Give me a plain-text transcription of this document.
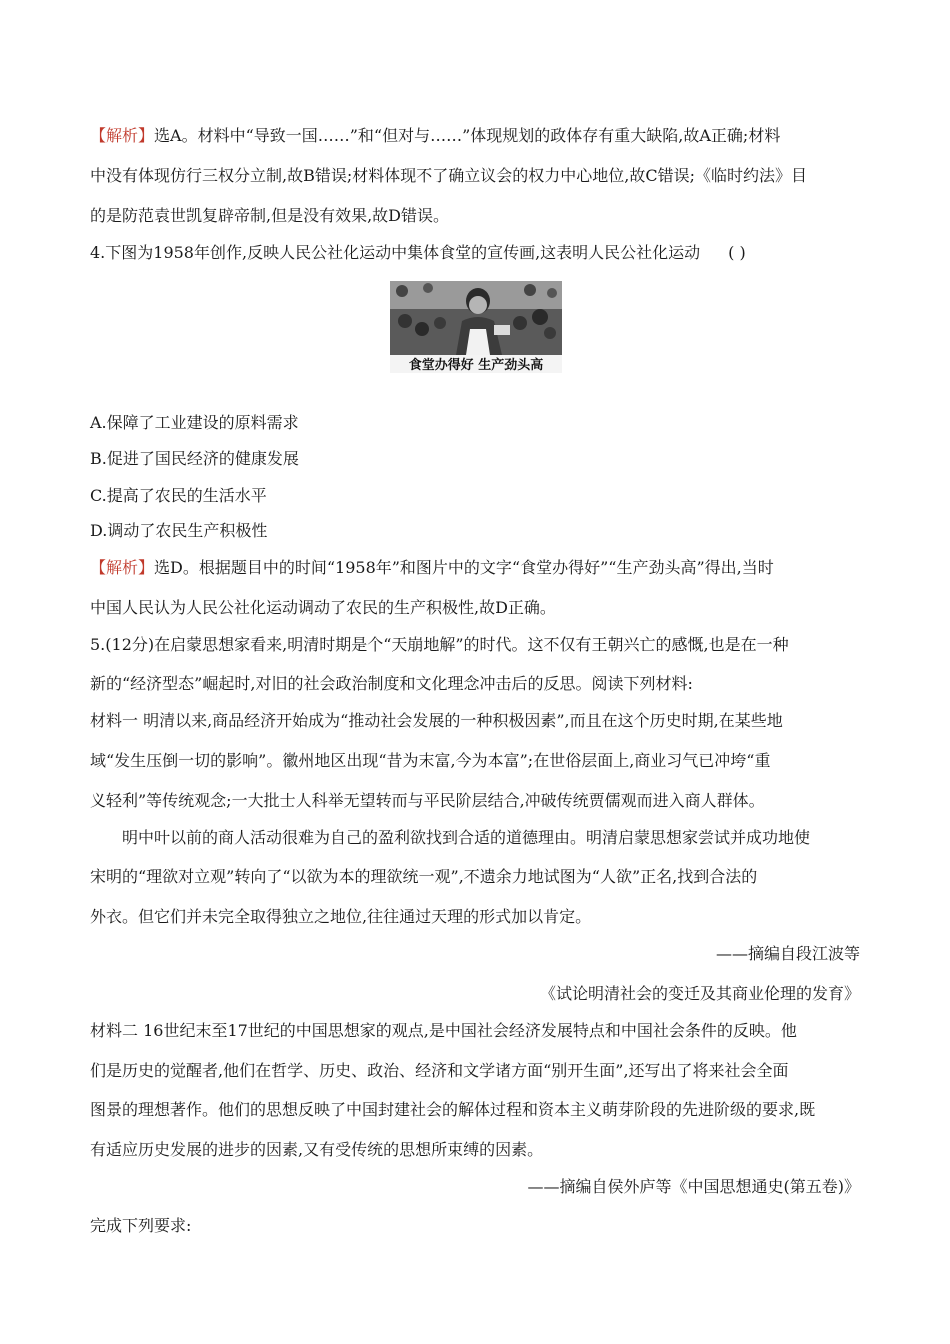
【解析】选A。材料中“导致一国……”和“但对与……”体现规划的政体存有重大缺陷,故A正确;材料
中没有体现仿行三权分立制,故B错误;材料体现不了确立议会的权力中心地位,故C错误;《临时约法》目
的是防范袁世凯复辟帝制,但是没有效果,故D错误。
4.下图为1958年创作,反映人民公社化运动中集体食堂的宣传画,这表明人民公社化运动 ( )
食堂办得好 生产劲头高
A.保障了工业建设的原料需求
B.促进了国民经济的健康发展
C.提高了农民的生活水平
D.调动了农民生产积极性
【解析】选D。根据题目中的时间“1958年”和图片中的文字“食堂办得好”“生产劲头高”得出,当时
中国人民认为人民公社化运动调动了农民的生产积极性,故D正确。
5.(12分)在启蒙思想家看来,明清时期是个“天崩地解”的时代。这不仅有王朝兴亡的感慨,也是在一种
新的“经济型态”崛起时,对旧的社会政治制度和文化理念冲击后的反思。阅读下列材料:
材料一 明清以来,商品经济开始成为“推动社会发展的一种积极因素”,而且在这个历史时期,在某些地
域“发生压倒一切的影响”。徽州地区出现“昔为末富,今为本富”;在世俗层面上,商业习气已冲垮“重
义轻利”等传统观念;一大批士人科举无望转而与平民阶层结合,冲破传统贾儒观而进入商人群体。
明中叶以前的商人活动很难为自己的盈利欲找到合适的道德理由。明清启蒙思想家尝试并成功地使
宋明的“理欲对立观”转向了“以欲为本的理欲统一观”,不遗余力地试图为“人欲”正名,找到合法的
外衣。但它们并未完全取得独立之地位,往往通过天理的形式加以肯定。
——摘编自段江波等
《试论明清社会的变迁及其商业伦理的发育》
材料二 16世纪末至17世纪的中国思想家的观点,是中国社会经济发展特点和中国社会条件的反映。他
们是历史的觉醒者,他们在哲学、历史、政治、经济和文学诸方面“别开生面”,还写出了将来社会全面
图景的理想著作。他们的思想反映了中国封建社会的解体过程和资本主义萌芽阶段的先进阶级的要求,既
有适应历史发展的进步的因素,又有受传统的思想所束缚的因素。
——摘编自侯外庐等《中国思想通史(第五卷)》
完成下列要求:
